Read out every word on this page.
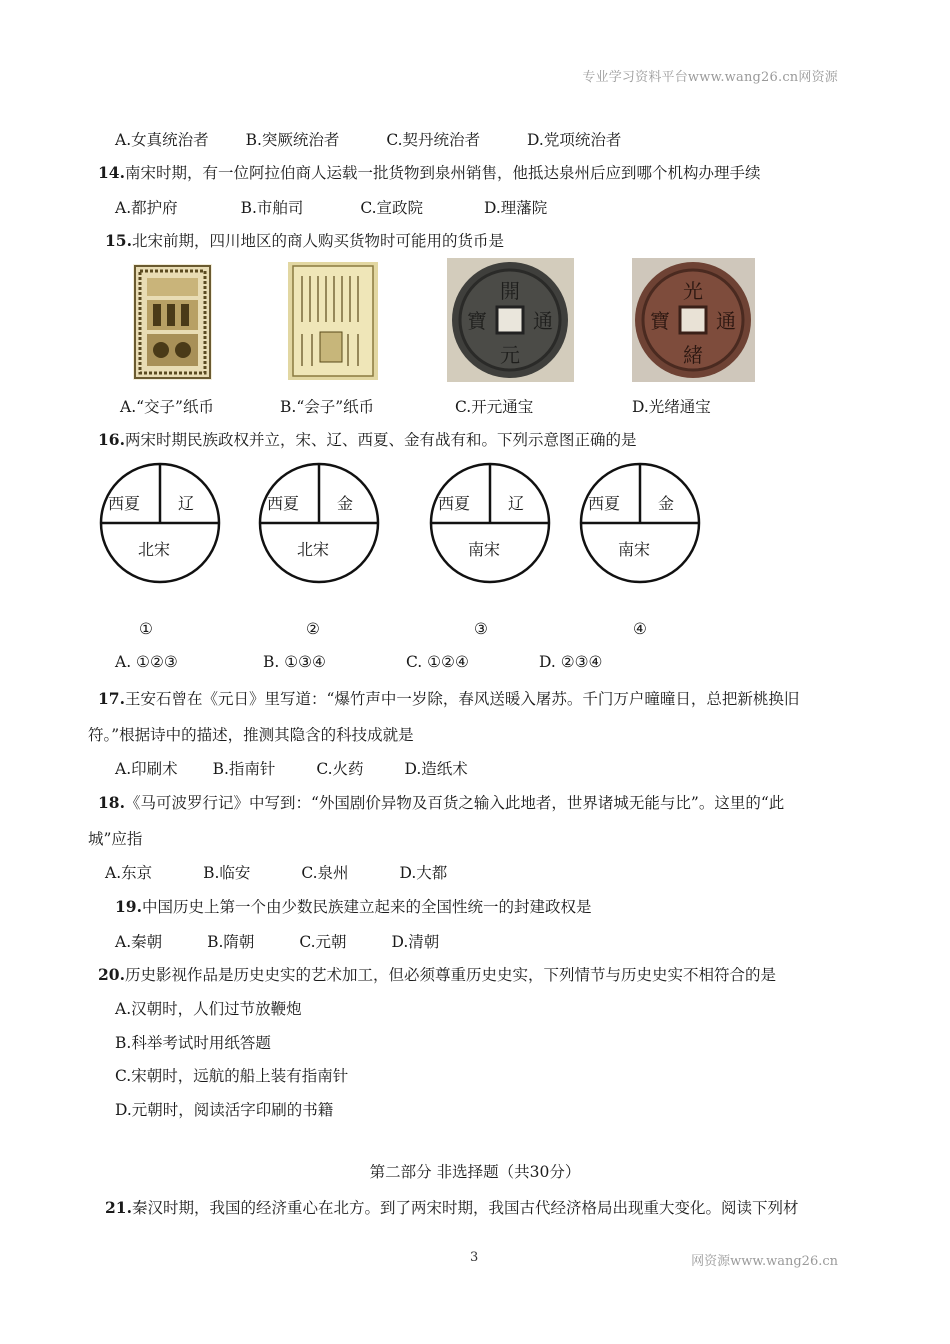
专业学习资料平台www.wang26.cn网资源
A.女真统治者 B.突厥统治者	C.契丹统治者	D.党项统治者
14.南宋时期，有一位阿拉伯商人运载一批货物到泉州销售，他抵达泉州后应到哪个机构办理手续
A.都护府	B.市舶司	C.宣政院	D.理藩院
15.北宋前期，四川地区的商人购买货物时可能用的货币是
開
元
通
寶
光
緒
通
寶
A.“交子”纸币	B.“会子”纸币	C.开元通宝	D.光绪通宝
16.两宋时期民族政权并立，宋、辽、西夏、金有战有和。下列示意图正确的是
西夏 辽
北宋
西夏 金
北宋
西夏 辽
南宋
西夏 金
南宋
①	②	③	④
A. ①②③	B. ①③④	C. ①②④	D. ②③④
17.王安石曾在《元日》里写道：“爆竹声中一岁除，春风送暖入屠苏。千门万户曈曈日，总把新桃换旧
符。”根据诗中的描述，推测其隐含的科技成就是
A.印刷术 B.指南针	C.火药	D.造纸术
18.《马可波罗行记》中写到：“外国剧价异物及百货之输入此地者，世界诸城无能与比”。这里的“此
城”应指
A.东京	B.临安	C.泉州	D.大都
19.中国历史上第一个由少数民族建立起来的全国性统一的封建政权是
A.秦朝	B.隋朝	C.元朝	D.清朝
20.历史影视作品是历史史实的艺术加工，但必须尊重历史史实，下列情节与历史史实不相符合的是
A.汉朝时，人们过节放鞭炮
B.科举考试时用纸答题
C.宋朝时，远航的船上装有指南针
D.元朝时，阅读活字印刷的书籍
第二部分 非选择题（共30分）
21.秦汉时期，我国的经济重心在北方。到了两宋时期，我国古代经济格局出现重大变化。阅读下列材
3	网资源www.wang26.cn
